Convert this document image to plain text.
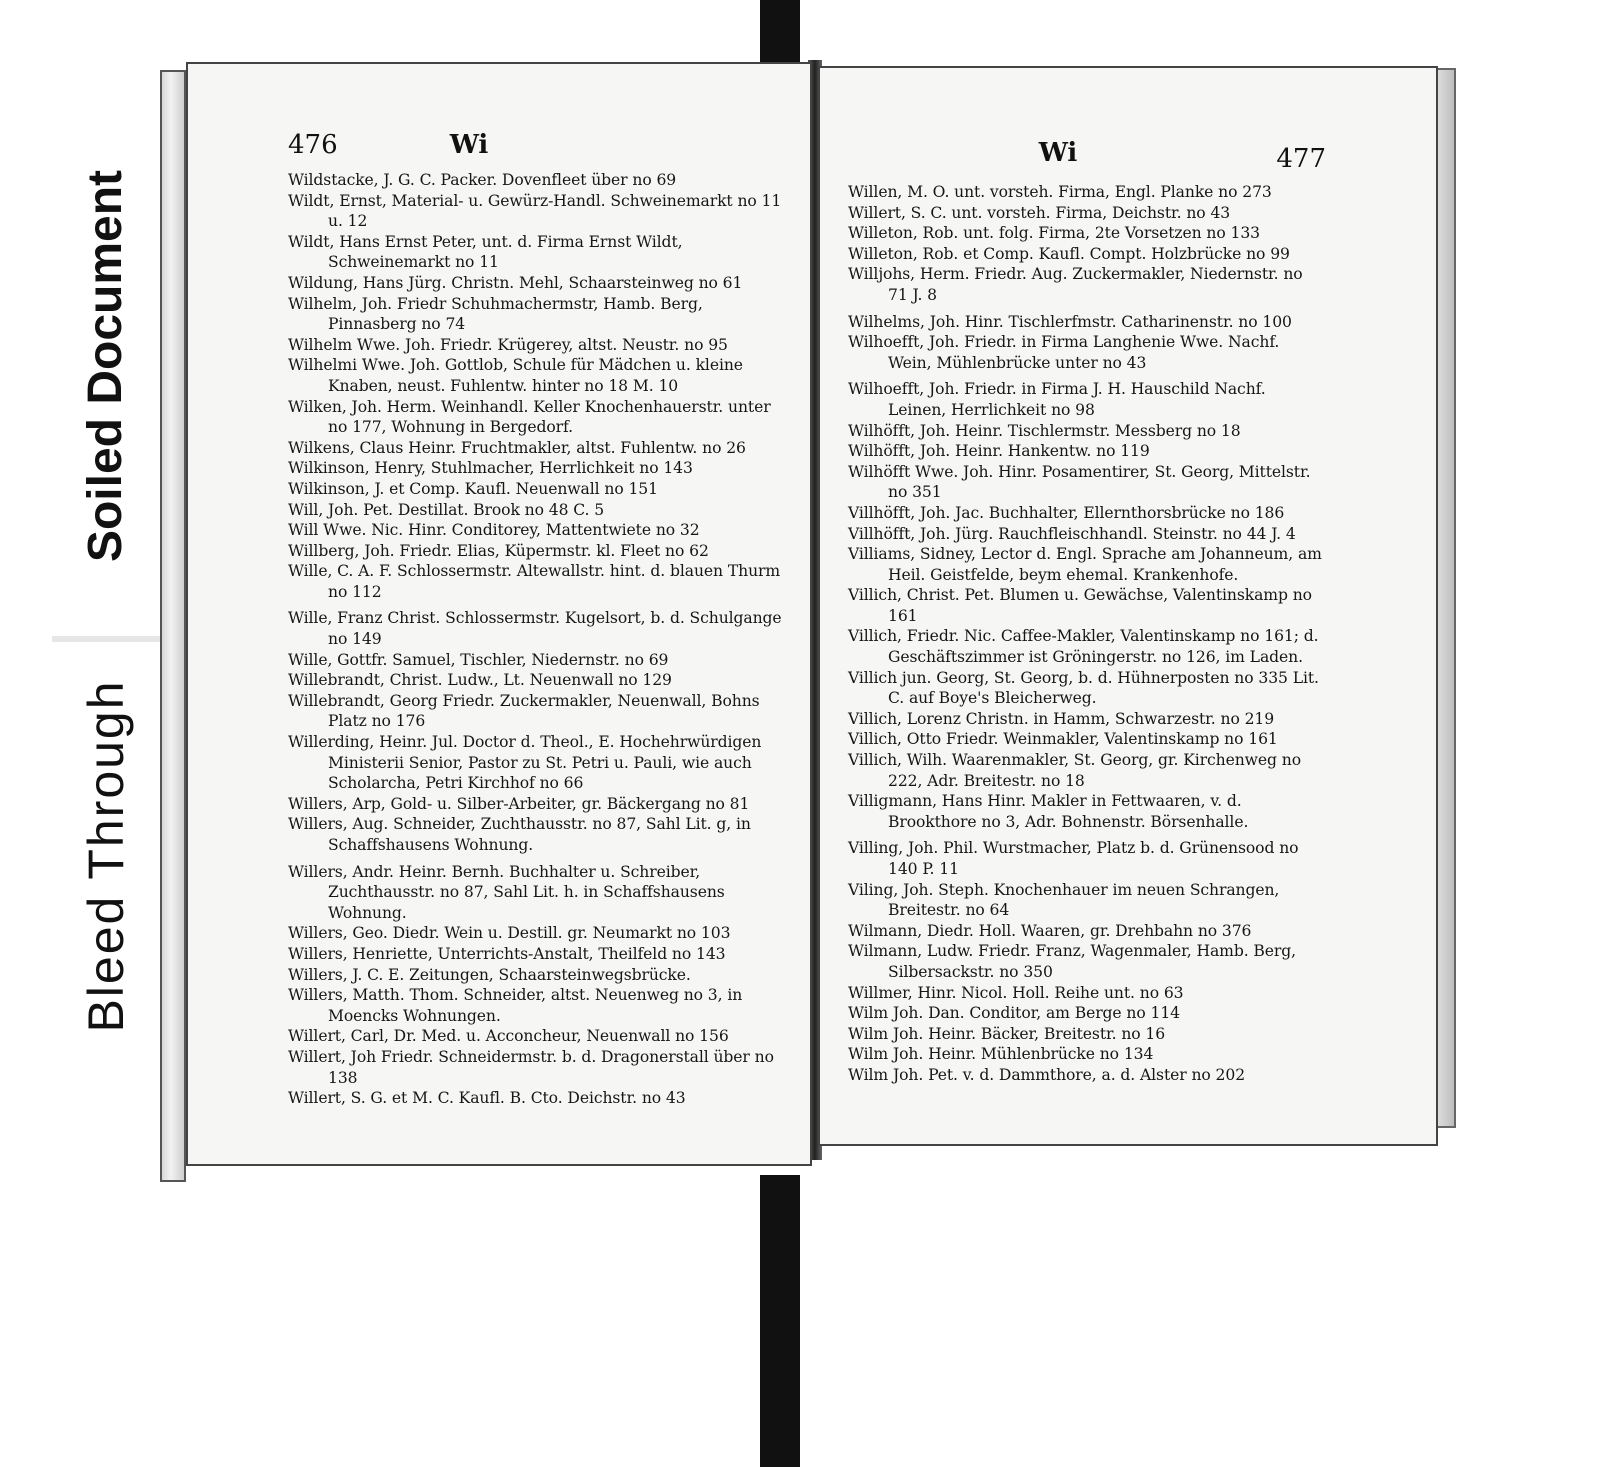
Soiled Document
Bleed Through
476	Wi
Wildstacke, J. G. C. Packer. Dovenfleet über no 69
Wildt, Ernst, Material- u. Gewürz-Handl. Schweinemarkt no 11 u. 12
Wildt, Hans Ernst Peter, unt. d. Firma Ernst Wildt, Schweinemarkt no 11
Wildung, Hans Jürg. Christn. Mehl, Schaarsteinweg no 61
Wilhelm, Joh. Friedr Schuhmachermstr, Hamb. Berg, Pinnasberg no 74
Wilhelm Wwe. Joh. Friedr. Krügerey, altst. Neustr. no 95
Wilhelmi Wwe. Joh. Gottlob, Schule für Mädchen u. kleine Knaben, neust. Fuhlentw. hinter no 18 M. 10
Wilken, Joh. Herm. Weinhandl. Keller Knochenhauerstr. unter no 177, Wohnung in Bergedorf.
Wilkens, Claus Heinr. Fruchtmakler, altst. Fuhlentw. no 26
Wilkinson, Henry, Stuhlmacher, Herrlichkeit no 143
Wilkinson, J. et Comp. Kaufl. Neuenwall no 151
Will, Joh. Pet. Destillat. Brook no 48 C. 5
Will Wwe. Nic. Hinr. Conditorey, Mattentwiete no 32
Willberg, Joh. Friedr. Elias, Küpermstr. kl. Fleet no 62
Wille, C. A. F. Schlossermstr. Altewallstr. hint. d. blauen Thurm no 112
Wille, Franz Christ. Schlossermstr. Kugelsort, b. d. Schulgange no 149
Wille, Gottfr. Samuel, Tischler, Niedernstr. no 69
Willebrandt, Christ. Ludw., Lt. Neuenwall no 129
Willebrandt, Georg Friedr. Zuckermakler, Neuenwall, Bohns Platz no 176
Willerding, Heinr. Jul. Doctor d. Theol., E. Hochehrwürdigen Ministerii Senior, Pastor zu St. Petri u. Pauli, wie auch Scholarcha, Petri Kirchhof no 66
Willers, Arp, Gold- u. Silber-Arbeiter, gr. Bäckergang no 81
Willers, Aug. Schneider, Zuchthausstr. no 87, Sahl Lit. g, in Schaffshausens Wohnung.
Willers, Andr. Heinr. Bernh. Buchhalter u. Schreiber, Zuchthausstr. no 87, Sahl Lit. h. in Schaffshausens Wohnung.
Willers, Geo. Diedr. Wein u. Destill. gr. Neumarkt no 103
Willers, Henriette, Unterrichts-Anstalt, Theilfeld no 143
Willers, J. C. E. Zeitungen, Schaarsteinwegsbrücke.
Willers, Matth. Thom. Schneider, altst. Neuenweg no 3, in Moencks Wohnungen.
Willert, Carl, Dr. Med. u. Acconcheur, Neuenwall no 156
Willert, Joh Friedr. Schneidermstr. b. d. Dragonerstall über no 138
Willert, S. G. et M. C. Kaufl. B. Cto. Deichstr. no 43
Wi	477
Willen, M. O. unt. vorsteh. Firma, Engl. Planke no 273
Willert, S. C. unt. vorsteh. Firma, Deichstr. no 43
Willeton, Rob. unt. folg. Firma, 2te Vorsetzen no 133
Willeton, Rob. et Comp. Kaufl. Compt. Holzbrücke no 99
Willjohs, Herm. Friedr. Aug. Zuckermakler, Niedernstr. no 71 J. 8
Wilhelms, Joh. Hinr. Tischlerfmstr. Catharinenstr. no 100
Wilhoefft, Joh. Friedr. in Firma Langhenie Wwe. Nachf. Wein, Mühlenbrücke unter no 43
Wilhoefft, Joh. Friedr. in Firma J. H. Hauschild Nachf. Leinen, Herrlichkeit no 98
Wilhöfft, Joh. Heinr. Tischlermstr. Messberg no 18
Wilhöfft, Joh. Heinr. Hankentw. no 119
Wilhöfft Wwe. Joh. Hinr. Posamentirer, St. Georg, Mittelstr. no 351
Villhöfft, Joh. Jac. Buchhalter, Ellernthorsbrücke no 186
Villhöfft, Joh. Jürg. Rauchfleischhandl. Steinstr. no 44 J. 4
Villiams, Sidney, Lector d. Engl. Sprache am Johanneum, am Heil. Geistfelde, beym ehemal. Krankenhofe.
Villich, Christ. Pet. Blumen u. Gewächse, Valentinskamp no 161
Villich, Friedr. Nic. Caffee-Makler, Valentinskamp no 161; d. Geschäftszimmer ist Gröningerstr. no 126, im Laden.
Villich jun. Georg, St. Georg, b. d. Hühnerposten no 335 Lit. C. auf Boye's Bleicherweg.
Villich, Lorenz Christn. in Hamm, Schwarzestr. no 219
Villich, Otto Friedr. Weinmakler, Valentinskamp no 161
Villich, Wilh. Waarenmakler, St. Georg, gr. Kirchenweg no 222, Adr. Breitestr. no 18
Villigmann, Hans Hinr. Makler in Fettwaaren, v. d. Brookthore no 3, Adr. Bohnenstr. Börsenhalle.
Villing, Joh. Phil. Wurstmacher, Platz b. d. Grünensood no 140 P. 11
Viling, Joh. Steph. Knochenhauer im neuen Schrangen, Breitestr. no 64
Wilmann, Diedr. Holl. Waaren, gr. Drehbahn no 376
Wilmann, Ludw. Friedr. Franz, Wagenmaler, Hamb. Berg, Silbersackstr. no 350
Willmer, Hinr. Nicol. Holl. Reihe unt. no 63
Wilm Joh. Dan. Conditor, am Berge no 114
Wilm Joh. Heinr. Bäcker, Breitestr. no 16
Wilm Joh. Heinr. Mühlenbrücke no 134
Wilm Joh. Pet. v. d. Dammthore, a. d. Alster no 202
